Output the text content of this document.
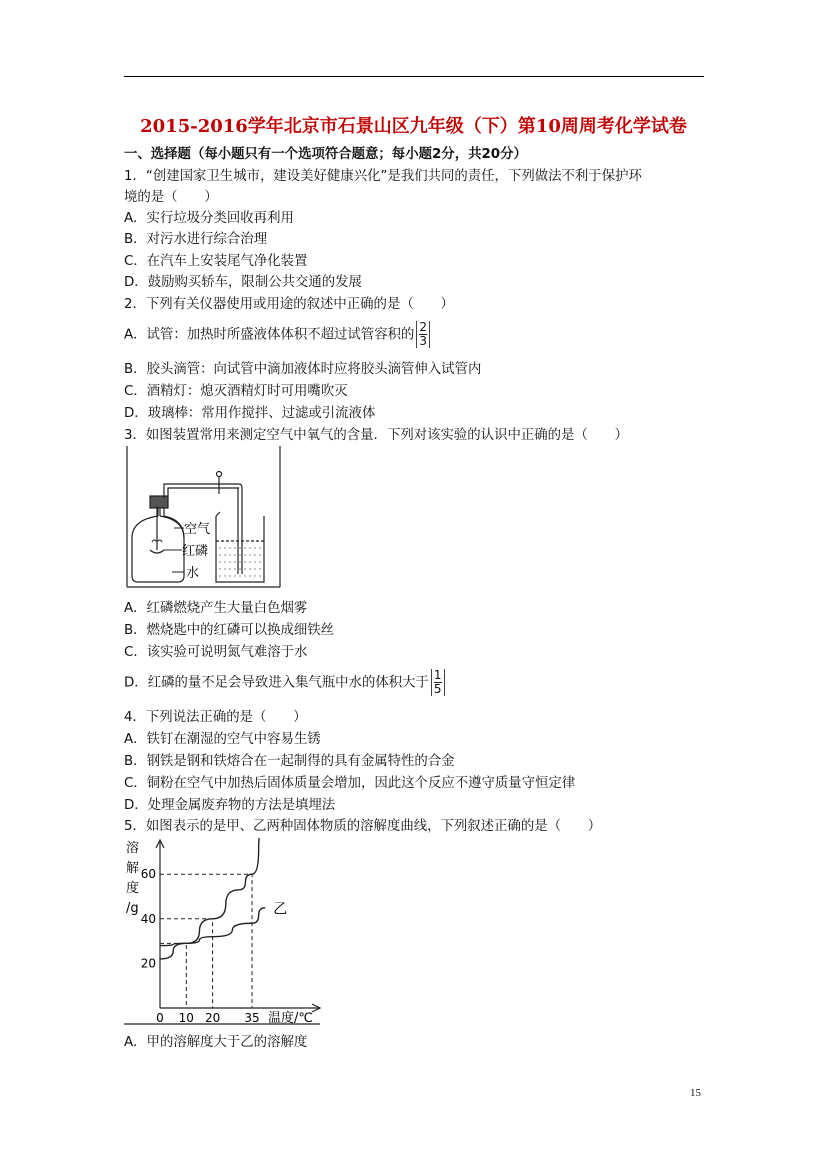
2015-2016学年北京市石景山区九年级（下）第10周周考化学试卷
一、选择题（每小题只有一个选项符合题意；每小题2分，共20分）
1．“创建国家卫生城市，建设美好健康兴化”是我们共同的责任，下列做法不利于保护环
境的是（　　）
A．实行垃圾分类回收再利用
B．对污水进行综合治理
C．在汽车上安装尾气净化装置
D．鼓励购买轿车，限制公共交通的发展
2．下列有关仪器使用或用途的叙述中正确的是（　　）
A．试管：加热时所盛液体体积不超过试管容积的 $\frac{2}{3}$
B．胶头滴管：向试管中滴加液体时应将胶头滴管伸入试管内
C．酒精灯：熄灭酒精灯时可用嘴吹灭
D．玻璃棒：常用作搅拌、过滤或引流液体
3．如图装置常用来测定空气中氧气的含量．下列对该实验的认识中正确的是（　　）
空气
红磷
水
A．红磷燃烧产生大量白色烟雾
B．燃烧匙中的红磷可以换成细铁丝
C．该实验可说明氮气难溶于水
D．红磷的量不足会导致进入集气瓶中水的体积大于 $\frac{1}{5}$
4．下列说法正确的是（　　）
A．铁钉在潮湿的空气中容易生锈
B．钢铁是钢和铁熔合在一起制得的具有金属特性的合金
C．铜粉在空气中加热后固体质量会增加，因此这个反应不遵守质量守恒定律
D．处理金属废弃物的方法是填埋法
5．如图表示的是甲、乙两种固体物质的溶解度曲线，下列叙述正确的是（　　）
乙
0 10 20 35
20
40
60
溶
解
度
/g
温度/℃
A．甲的溶解度大于乙的溶解度
15
